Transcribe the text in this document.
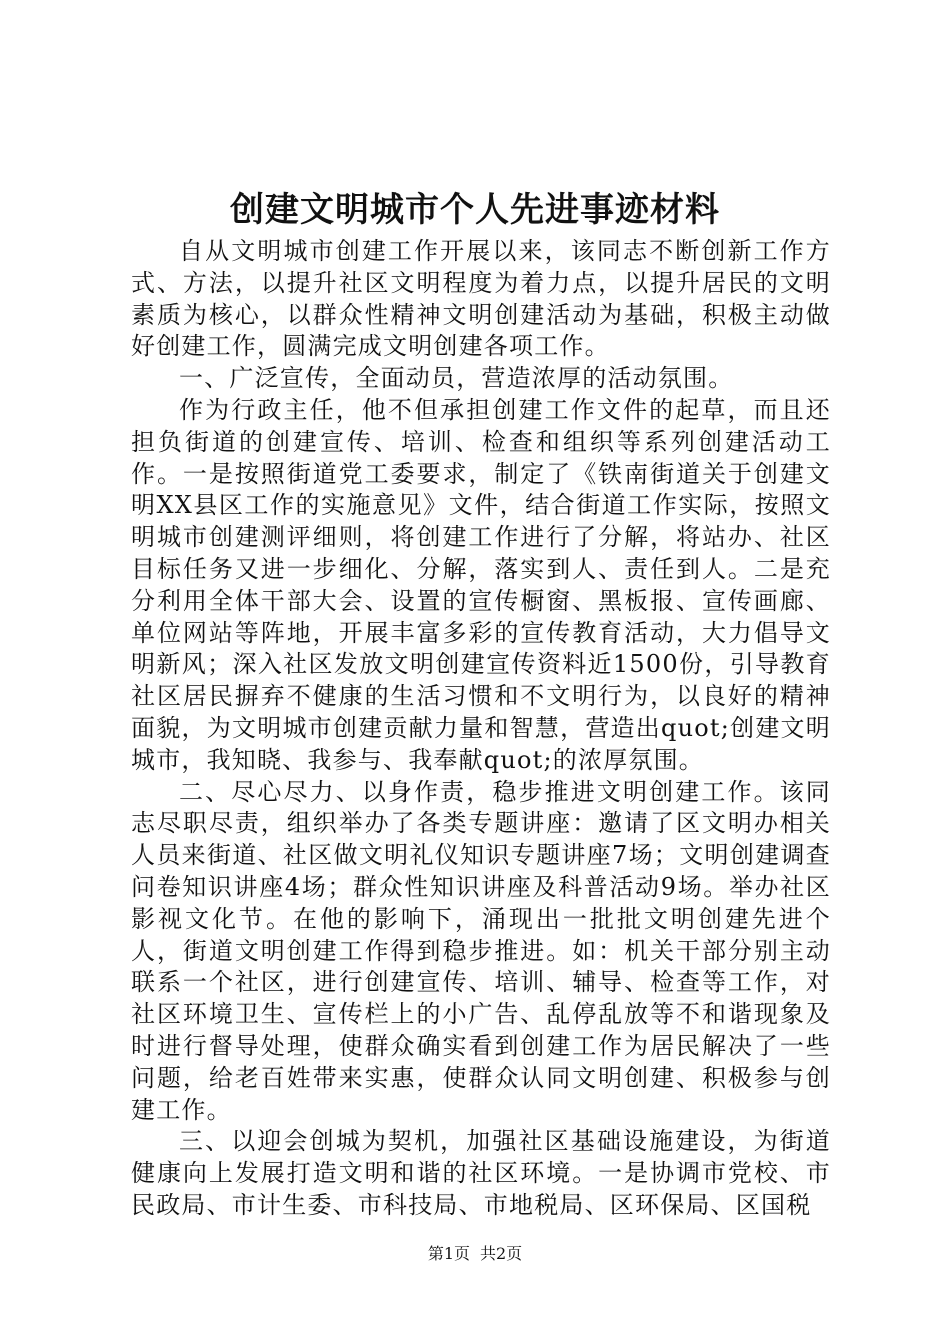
创建文明城市个人先进事迹材料

自从文明城市创建工作开展以来，该同志不断创新工作方式、方法，以提升社区文明程度为着力点，以提升居民的文明素质为核心，以群众性精神文明创建活动为基础，积极主动做好创建工作，圆满完成文明创建各项工作。

一、广泛宣传，全面动员，营造浓厚的活动氛围。

作为行政主任，他不但承担创建工作文件的起草，而且还担负街道的创建宣传、培训、检查和组织等系列创建活动工作。一是按照街道党工委要求，制定了《铁南街道关于创建文明XX县区工作的实施意见》文件，结合街道工作实际，按照文明城市创建测评细则，将创建工作进行了分解，将站办、社区目标任务又进一步细化、分解，落实到人、责任到人。二是充分利用全体干部大会、设置的宣传橱窗、黑板报、宣传画廊、单位网站等阵地，开展丰富多彩的宣传教育活动，大力倡导文明新风；深入社区发放文明创建宣传资料近1500份，引导教育社区居民摒弃不健康的生活习惯和不文明行为，以良好的精神面貌，为文明城市创建贡献力量和智慧，营造出quot;创建文明城市，我知晓、我参与、我奉献quot;的浓厚氛围。

二、尽心尽力、以身作责，稳步推进文明创建工作。该同志尽职尽责，组织举办了各类专题讲座：邀请了区文明办相关人员来街道、社区做文明礼仪知识专题讲座7场；文明创建调查问卷知识讲座4场；群众性知识讲座及科普活动9场。举办社区影视文化节。在他的影响下，涌现出一批批文明创建先进个人，街道文明创建工作得到稳步推进。如：机关干部分别主动联系一个社区，进行创建宣传、培训、辅导、检查等工作，对社区环境卫生、宣传栏上的小广告、乱停乱放等不和谐现象及时进行督导处理，使群众确实看到创建工作为居民解决了一些问题，给老百姓带来实惠，使群众认同文明创建、积极参与创建工作。

三、以迎会创城为契机，加强社区基础设施建设，为街道健康向上发展打造文明和谐的社区环境。一是协调市党校、市民政局、市计生委、市科技局、市地税局、区环保局、区国税

第1页 共2页
